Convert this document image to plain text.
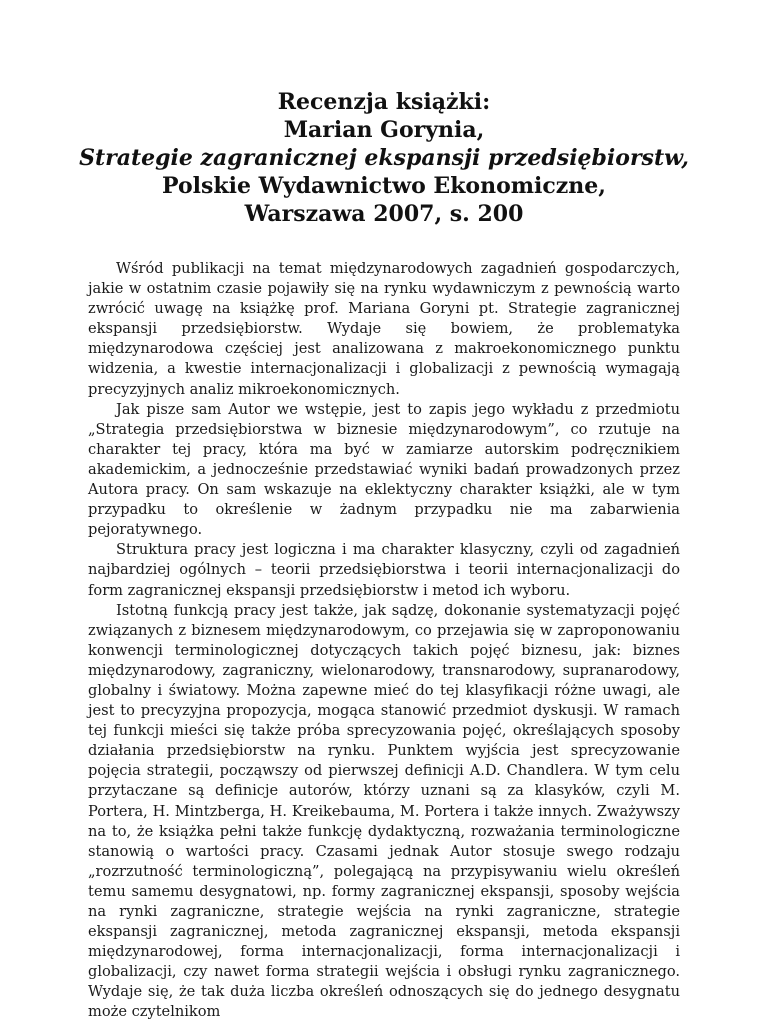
Recenzja książki:
Marian Gorynia,
Strategie zagranicznej ekspansji przedsiębiorstw,
Polskie Wydawnictwo Ekonomiczne,
Warszawa 2007, s. 200

Wśród publikacji na temat międzynarodowych zagadnień gospodarczych, jakie w ostatnim czasie pojawiły się na rynku wydawniczym z pewnością warto zwrócić uwagę na książkę prof. Mariana Goryni pt. Strategie zagranicznej ekspansji przedsiębiorstw. Wydaje się bowiem, że problematyka międzynarodowa częściej jest analizowana z makroekonomicznego punktu widzenia, a kwestie internacjonalizacji i globalizacji z pewnością wymagają precyzyjnych analiz mikroekonomicznych.

Jak pisze sam Autor we wstępie, jest to zapis jego wykładu z przedmiotu „Strategia przedsiębiorstwa w biznesie międzynarodowym”, co rzutuje na charakter tej pracy, która ma być w zamiarze autorskim podręcznikiem akademickim, a jednocześnie przedstawiać wyniki badań prowadzonych przez Autora pracy. On sam wskazuje na eklektyczny charakter książki, ale w tym przypadku to określenie w żadnym przypadku nie ma zabarwienia pejoratywnego.

Struktura pracy jest logiczna i ma charakter klasyczny, czyli od zagadnień najbardziej ogólnych – teorii przedsiębiorstwa i teorii internacjonalizacji do form zagranicznej ekspansji przedsiębiorstw i metod ich wyboru.

Istotną funkcją pracy jest także, jak sądzę, dokonanie systematyzacji pojęć związanych z biznesem międzynarodowym, co przejawia się w zaproponowaniu konwencji terminologicznej dotyczących takich pojęć biznesu, jak: biznes międzynarodowy, zagraniczny, wielonarodowy, transnarodowy, supranarodowy, globalny i światowy. Można zapewne mieć do tej klasyfikacji różne uwagi, ale jest to precyzyjna propozycja, mogąca stanowić przedmiot dyskusji. W ramach tej funkcji mieści się także próba sprecyzowania pojęć, określających sposoby działania przedsiębiorstw na rynku. Punktem wyjścia jest sprecyzowanie pojęcia strategii, począwszy od pierwszej definicji A.D. Chandlera. W tym celu przytaczane są definicje autorów, którzy uznani są za klasyków, czyli M. Portera, H. Mintzberga, H. Kreikebauma, M. Portera i także innych. Zważywszy na to, że książka pełni także funkcję dydaktyczną, rozważania terminologiczne stanowią o wartości pracy. Czasami jednak Autor stosuje swego rodzaju „rozrzutność terminologiczną”, polegającą na przypisywaniu wielu określeń temu samemu desygnatowi, np. formy zagranicznej ekspansji, sposoby wejścia na rynki zagraniczne, strategie wejścia na rynki zagraniczne, strategie ekspansji zagranicznej, metoda zagranicznej ekspansji, metoda ekspansji międzynarodowej, forma internacjonalizacji, forma internacjonalizacji i globalizacji, czy nawet forma strategii wejścia i obsługi rynku zagranicznego. Wydaje się, że tak duża liczba określeń odnoszących się do jednego desygnatu może czytelnikom
